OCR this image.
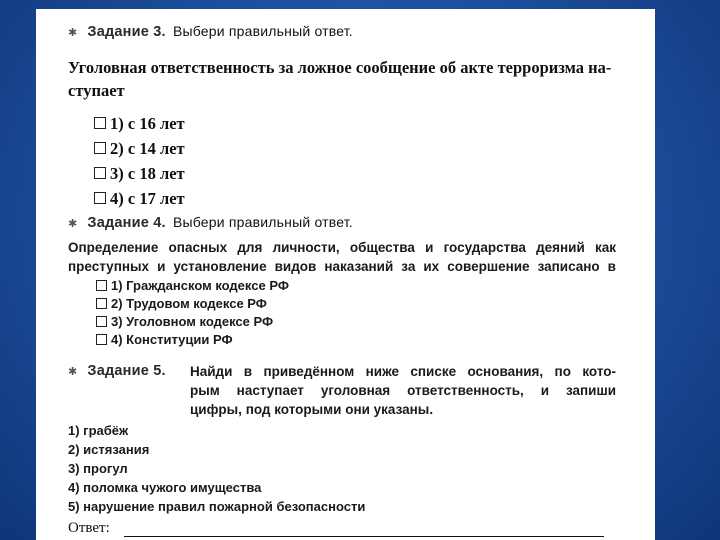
✱ Задание 3. Выбери правильный ответ.
Уголовная ответственность за ложное сообщение об акте терроризма на-
ступает
1) с 16 лет
2) с 14 лет
3) с 18 лет
4) с 17 лет
✱ Задание 4. Выбери правильный ответ.
Определение опасных для личности, общества и государства деяний как
преступных и установление видов наказаний за их совершение записано в
1) Гражданском кодексе РФ
2) Трудовом кодексе РФ
3) Уголовном кодексе РФ
4) Конституции РФ
✱ Задание 5. Найди в приведённом ниже списке основания, по кото-
рым наступает уголовная ответственность, и запиши
цифры, под которыми они указаны.
1) грабёж
2) истязания
3) прогул
4) поломка чужого имущества
5) нарушение правил пожарной безопасности
Ответ:
